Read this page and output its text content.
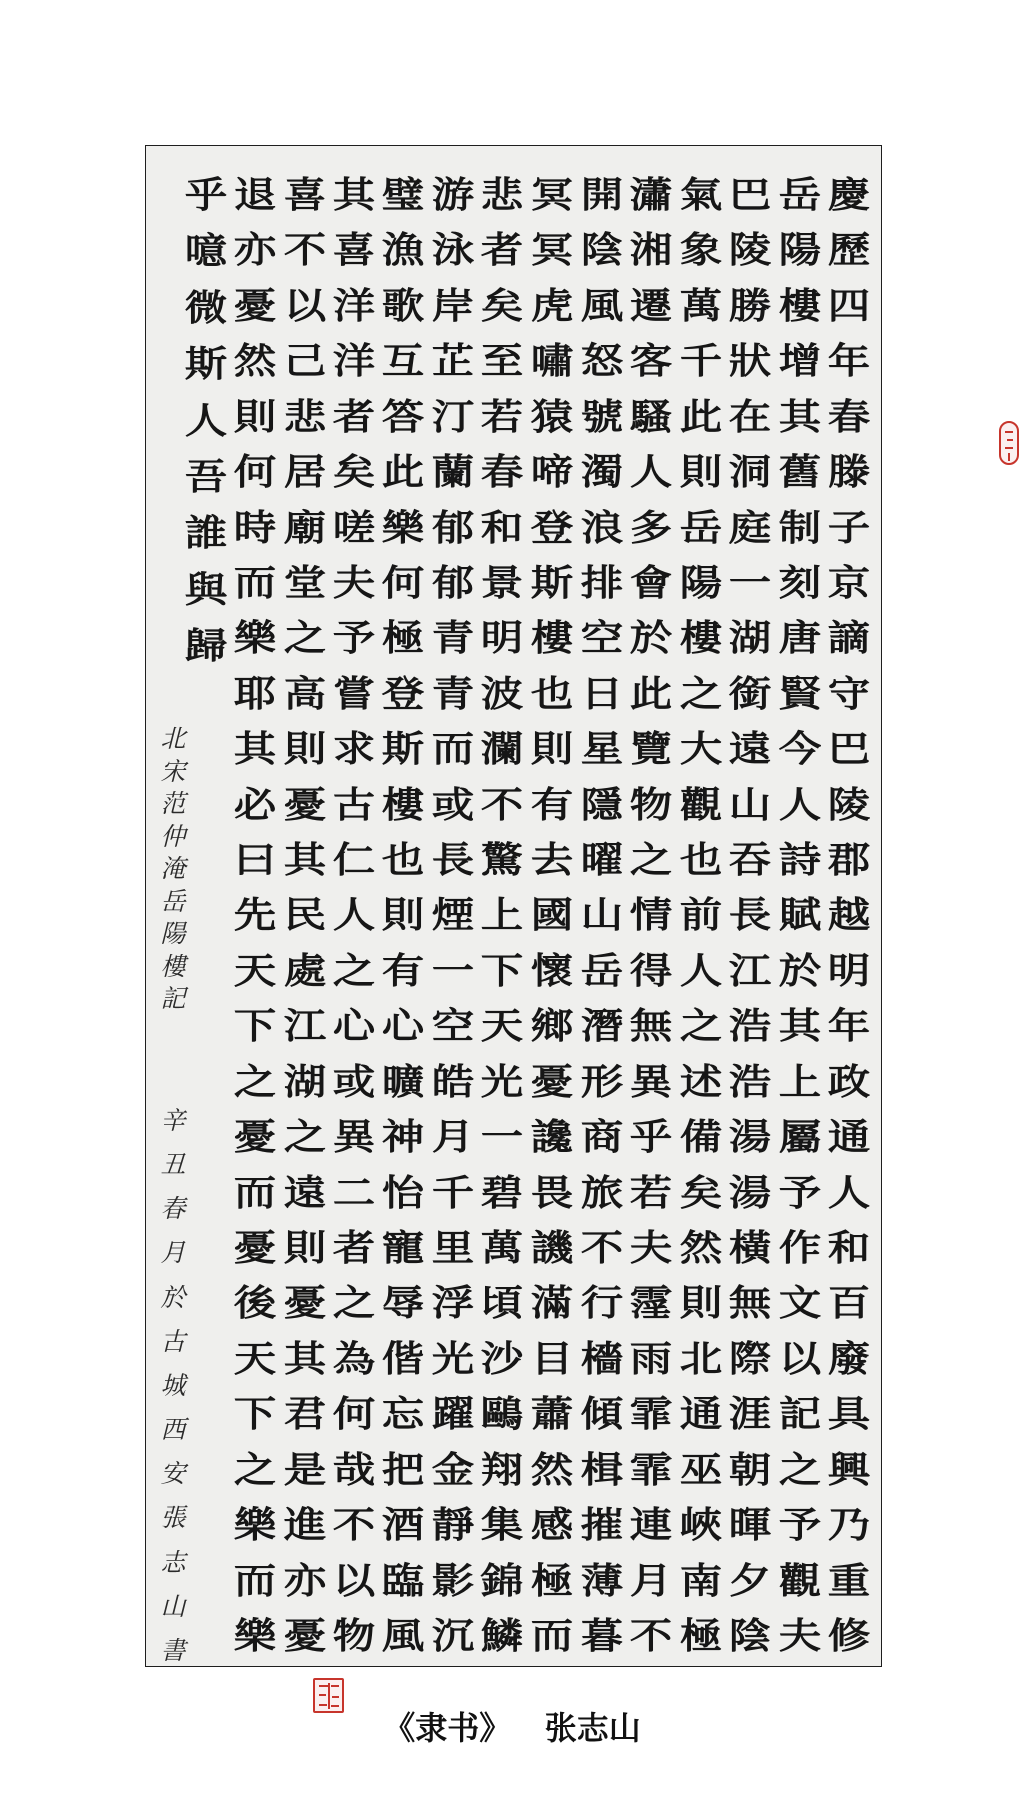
慶
歷
四
年
春
滕
子
京
謫
守
巴
陵
郡
越
明
年
政
通
人
和
百
廢
具
興
乃
重
修
岳
陽
樓
增
其
舊
制
刻
唐
賢
今
人
詩
賦
於
其
上
屬
予
作
文
以
記
之
予
觀
夫
巴
陵
勝
狀
在
洞
庭
一
湖
銜
遠
山
吞
長
江
浩
浩
湯
湯
橫
無
際
涯
朝
暉
夕
陰
氣
象
萬
千
此
則
岳
陽
樓
之
大
觀
也
前
人
之
述
備
矣
然
則
北
通
巫
峽
南
極
瀟
湘
遷
客
騷
人
多
會
於
此
覽
物
之
情
得
無
異
乎
若
夫
霪
雨
霏
霏
連
月
不
開
陰
風
怒
號
濁
浪
排
空
日
星
隱
曜
山
岳
潛
形
商
旅
不
行
檣
傾
楫
摧
薄
暮
冥
冥
虎
嘯
猿
啼
登
斯
樓
也
則
有
去
國
懷
鄉
憂
讒
畏
譏
滿
目
蕭
然
感
極
而
悲
者
矣
至
若
春
和
景
明
波
瀾
不
驚
上
下
天
光
一
碧
萬
頃
沙
鷗
翔
集
錦
鱗
游
泳
岸
芷
汀
蘭
郁
郁
青
青
而
或
長
煙
一
空
皓
月
千
里
浮
光
躍
金
靜
影
沉
璧
漁
歌
互
答
此
樂
何
極
登
斯
樓
也
則
有
心
曠
神
怡
寵
辱
偕
忘
把
酒
臨
風
其
喜
洋
洋
者
矣
嗟
夫
予
嘗
求
古
仁
人
之
心
或
異
二
者
之
為
何
哉
不
以
物
喜
不
以
己
悲
居
廟
堂
之
高
則
憂
其
民
處
江
湖
之
遠
則
憂
其
君
是
進
亦
憂
退
亦
憂
然
則
何
時
而
樂
耶
其
必
曰
先
天
下
之
憂
而
憂
後
天
下
之
樂
而
樂
乎
噫
微
斯
人
吾
誰
與
歸
北
宋
范
仲
淹
岳
陽
樓
記
辛
丑
春
月
於
古
城
西
安
張
志
山
書
《隶书》   张志山
